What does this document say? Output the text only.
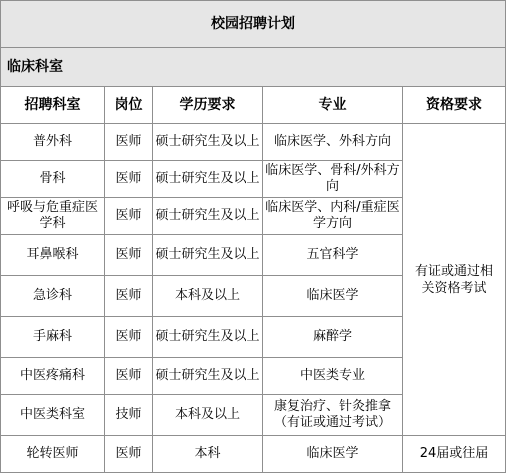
校园招聘计划				
临床科室				
招聘科室	岗位	学历要求	专业	资格要求
普外科	医师	硕士研究生及以上	临床医学、外科方向	有证或通过相关资格考试
骨科	医师	硕士研究生及以上	临床医学、骨科/外科方向	
呼吸与危重症医学科	医师	硕士研究生及以上	临床医学、内科/重症医学方向	
耳鼻喉科	医师	硕士研究生及以上	五官科学	
急诊科	医师	本科及以上	临床医学	
手麻科	医师	硕士研究生及以上	麻醉学	
中医疼痛科	医师	硕士研究生及以上	中医类专业	
中医类科室	技师	本科及以上	康复治疗、针灸推拿（有证或通过考试）	
轮转医师	医师	本科	临床医学	24届或往届
